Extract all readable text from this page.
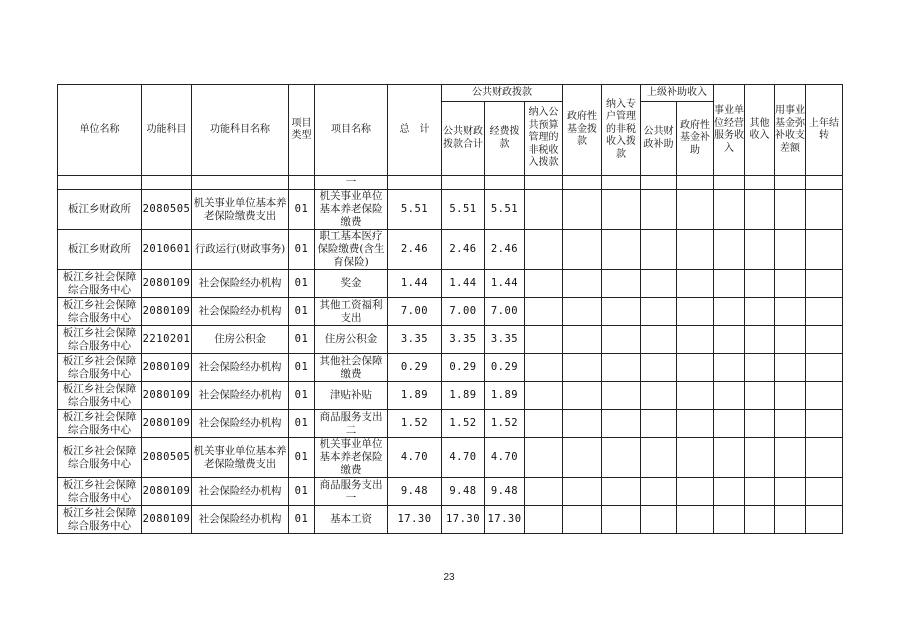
单位名称	功能科目	功能科目名称	项目类型	项目名称	总　计	公共财政拨款			政府性基金拨款	纳入专户管理的非税收入拨款	上级补助收入		事业单位经营服务收入	其他收入	用事业基金弥补收支差额	上年结转
						公共财政拨款合计	经费拨款	纳入公共预算管理的非税收入拨款			公共财政补助	政府性基金补助				
				一												
板江乡财政所	2080505	机关事业单位基本养老保险缴费支出	01	机关事业单位基本养老保险缴费	5.51	5.51	5.51									
板江乡财政所	2010601	行政运行(财政事务)	01	职工基本医疗保险缴费(含生育保险)	2.46	2.46	2.46									
板江乡社会保障综合服务中心	2080109	社会保险经办机构	01	奖金	1.44	1.44	1.44									
板江乡社会保障综合服务中心	2080109	社会保险经办机构	01	其他工资福利支出	7.00	7.00	7.00									
板江乡社会保障综合服务中心	2210201	住房公积金	01	住房公积金	3.35	3.35	3.35									
板江乡社会保障综合服务中心	2080109	社会保险经办机构	01	其他社会保障缴费	0.29	0.29	0.29									
板江乡社会保障综合服务中心	2080109	社会保险经办机构	01	津贴补贴	1.89	1.89	1.89									
板江乡社会保障综合服务中心	2080109	社会保险经办机构	01	商品服务支出二	1.52	1.52	1.52									
板江乡社会保障综合服务中心	2080505	机关事业单位基本养老保险缴费支出	01	机关事业单位基本养老保险缴费	4.70	4.70	4.70									
板江乡社会保障综合服务中心	2080109	社会保险经办机构	01	商品服务支出一	9.48	9.48	9.48									
板江乡社会保障综合服务中心	2080109	社会保险经办机构	01	基本工资	17.30	17.30	17.30									
23
